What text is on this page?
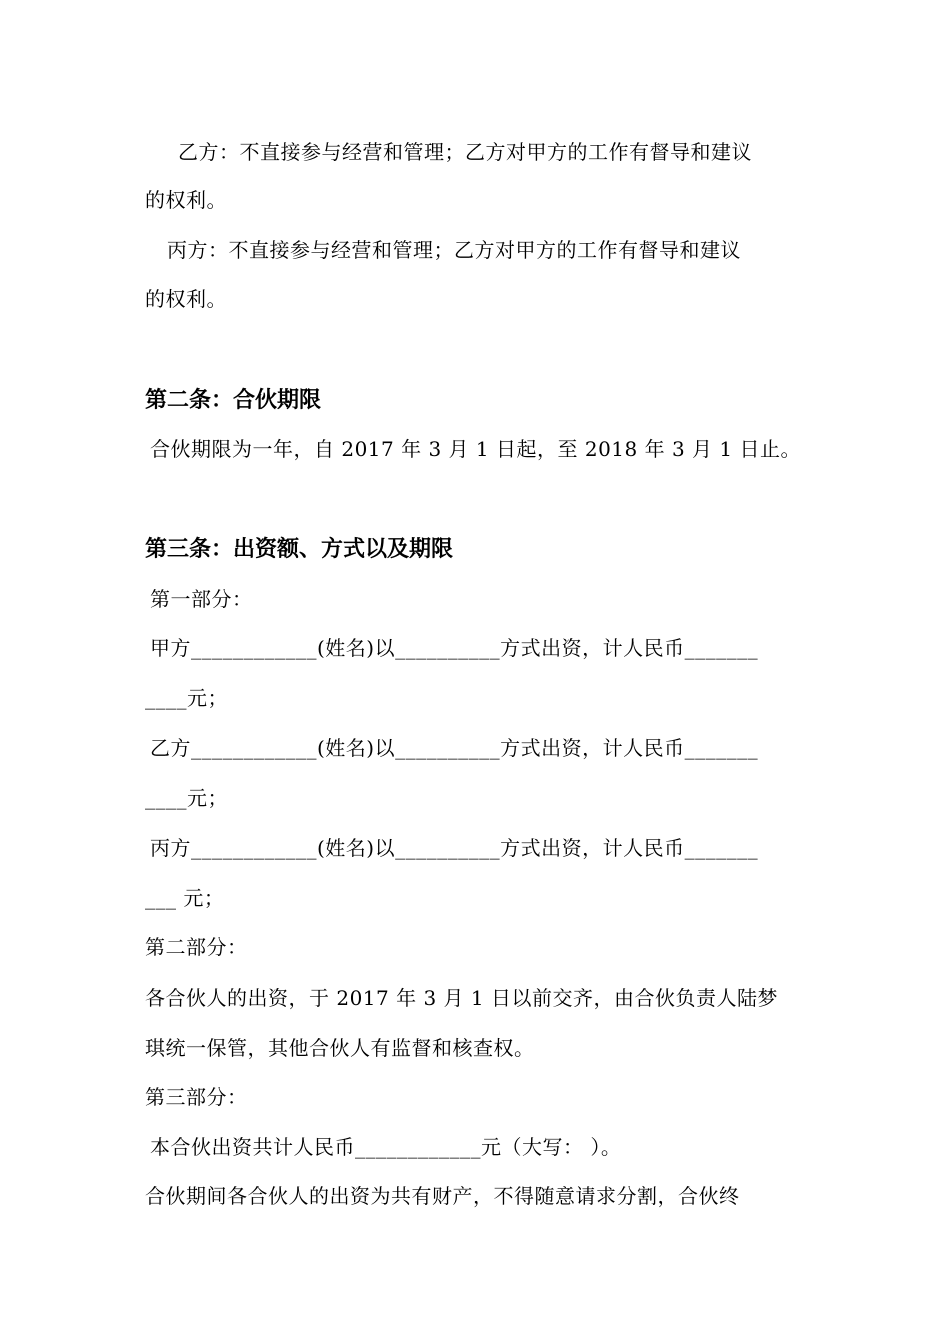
乙方：不直接参与经营和管理；乙方对甲方的工作有督导和建议
的权利。
丙方：不直接参与经营和管理；乙方对甲方的工作有督导和建议
的权利。
第二条：合伙期限
合伙期限为一年，自 2017 年 3 月 1 日起，至 2018 年 3 月 1 日止。
第三条：出资额、方式以及期限
第一部分：
甲方____________(姓名)以__________方式出资，计人民币_______
____元；
乙方____________(姓名)以__________方式出资，计人民币_______
____元；
丙方____________(姓名)以__________方式出资，计人民币_______
___ 元；
第二部分：
各合伙人的出资，于 2017 年 3 月 1 日以前交齐，由合伙负责人陆梦
琪统一保管，其他合伙人有监督和核查权。
第三部分：
本合伙出资共计人民币____________元（大写： ）。
合伙期间各合伙人的出资为共有财产，不得随意请求分割，合伙终
